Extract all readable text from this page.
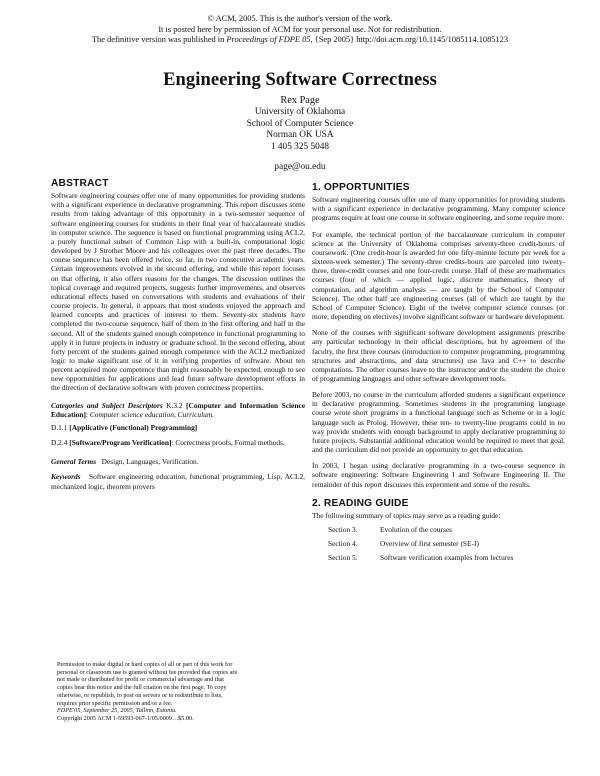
© ACM, 2005. This is the author's version of the work.
It is posted here by permission of ACM for your personal use. Not for redistribution.
The definitive version was published in Proceedings of FDPE 05, {Sep 2005} http://doi.acm.org/10.1145/1085114.1085123
Engineering Software Correctness
Rex Page
University of Oklahoma
School of Computer Science
Norman OK USA
1 405 325 5048
page@ou.edu
ABSTRACT

Software engineering courses offer one of many opportunities for providing students with a significant experience in declarative programming. This report discusses some results from taking advantage of this opportunity in a two-semester sequence of software engineering courses for students in their final year of baccalaureate studies in computer science. The sequence is based on functional programming using ACL2, a purely functional subset of Common Lisp with a built-in, computational logic developed by J Strother Moore and his colleagues over the past three decades. The course sequence has been offered twice, so far, in two consecutive academic years. Certain improvements evolved in the second offering, and while this report focuses on that offering, it also offers reasons for the changes. The discussion outlines the topical coverage and required projects, suggests further improvements, and observes educational effects based on conversations with students and evaluations of their course projects. In general, it appears that most students enjoyed the approach and learned concepts and practices of interest to them. Seventy-six students have completed the two-course sequence, half of them in the first offering and half in the second. All of the students gained enough competence in functional programming to apply it in future projects in industry or graduate school. In the second offering, about forty percent of the students gained enough competence with the ACL2 mechanized logic to make significant use of it in verifying properties of software. About ten percent acquired more competence than might reasonably be expected, enough to see new opportunities for applications and lead future software development efforts in the direction of declarative software with proven correctness properties.

Categories and Subject Descriptors K.3.2 [Computer and Information Science Education]: Computer science education, Curriculum.
D.1.1 [Applicative (Functional) Programming]
D.2.4 [Software/Program Verification]: Correctness proofs, Formal methods.
General Terms Design, Languages, Verification.
Keywords Software engineering education, functional programming, Lisp, ACL2, mechanized logic, theorem provers
Permission to make digital or hard copies of all or part of this work for
personal or classroom use is granted without fee provided that copies are
not made or distributed for profit or commercial advantage and that
copies bear this notice and the full citation on the first page. To copy
otherwise, or republish, to post on servers or to redistribute to lists,
requires prior specific permission and/or a fee.
FDPE'05, September 25, 2005, Tallinn, Estonia.
Copyright 2005 ACM 1-59593-067-1/05/0009…$5.00.
1. OPPORTUNITIES

Software engineering courses offer one of many opportunities for providing students with a significant experience in declarative programming. Many computer science programs require at least one course in software engineering, and some require more.

For example, the technical portion of the baccalaureate curriculum in computer science at the University of Oklahoma comprises seventy-three credit-hours of coursework. (One credit-hour is awarded for one fifty-minute lecture per week for a sixteen-week semester.) The seventy-three credits-hours are parceled into twenty-three, three-credit courses and one four-credit course. Half of these are mathematics courses (four of which — applied logic, discrete mathematics, theory of computation, and algorithm analysis — are taught by the School of Computer Science). The other half are engineering courses (all of which are taught by the School of Computer Science). Eight of the twelve computer science courses (or more, depending on electives) involve significant software or hardware development.

None of the courses with significant software development assignments prescribe any particular technology in their official descriptions, but by agreement of the faculty, the first three courses (introduction to computer programming, programming structures and abstractions, and data structures) use Java and C++ to describe computations. The other courses leave to the instructor and/or the student the choice of programming languages and other software development tools.

Before 2003, no course in the curriculum afforded students a significant experience in declarative programming. Sometimes students in the programming language course wrote short programs in a functional language such as Scheme or in a logic language such as Prolog. However, these ten- to twenty-line programs could in no way provide students with enough background to apply declarative programming to future projects. Substantial additional education would be required to meet that goal, and the curriculum did not provide an opportunity to get that education.

In 2003, I began using declarative programming in a two-course sequence in software engineering: Software Engineering I and Software Engineering II. The remainder of this report discusses this experiment and some of the results.

2. READING GUIDE
The following summary of topics may serve as a reading guide:
Section 3.	Evolution of the courses
Section 4.	Overview of first semester (SE-I)
Section 5.	Software verification examples from lectures
